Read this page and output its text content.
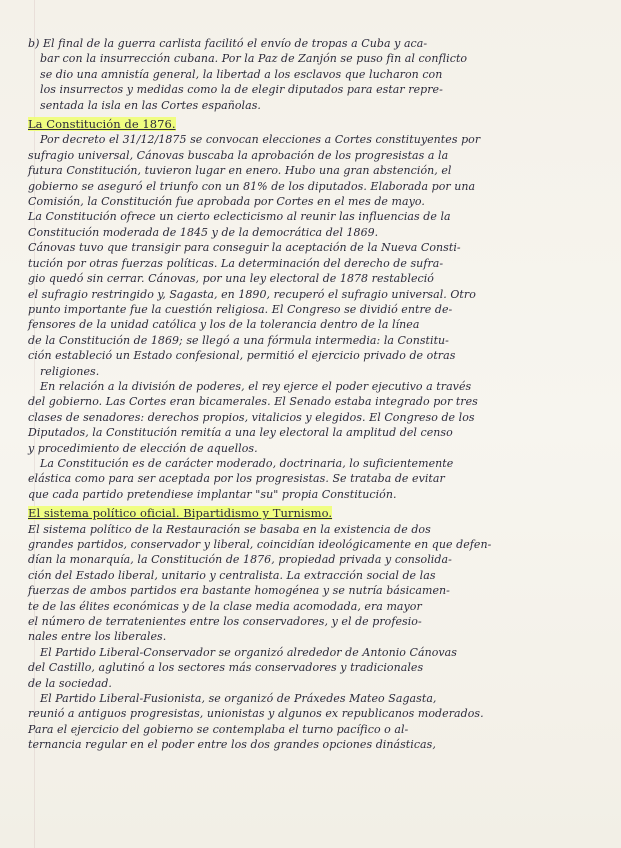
b) El final de la guerra carlista facilitó el envío de tropas a Cuba y aca-
bar con la insurrección cubana. Por la Paz de Zanjón se puso fin al conflicto
se dio una amnistía general, la libertad a los esclavos que lucharon con
los insurrectos y medidas como la de elegir diputados para estar repre-
sentada la isla en las Cortes españolas.
La Constitución de 1876.
Por decreto el 31/12/1875 se convocan elecciones a Cortes constituyentes por
sufragio universal, Cánovas buscaba la aprobación de los progresistas a la
futura Constitución, tuvieron lugar en enero. Hubo una gran abstención, el
gobierno se aseguró el triunfo con un 81% de los diputados. Elaborada por una
Comisión, la Constitución fue aprobada por Cortes en el mes de mayo.
La Constitución ofrece un cierto eclecticismo al reunir las influencias de la
Constitución moderada de 1845 y de la democrática del 1869.
Cánovas tuvo que transigir para conseguir la aceptación de la Nueva Consti-
tución por otras fuerzas políticas. La determinación del derecho de sufra-
gio quedó sin cerrar. Cánovas, por una ley electoral de 1878 restableció
el sufragio restringido y, Sagasta, en 1890, recuperó el sufragio universal. Otro
punto importante fue la cuestión religiosa. El Congreso se dividió entre de-
fensores de la unidad católica y los de la tolerancia dentro de la línea
de la Constitución de 1869; se llegó a una fórmula intermedia: la Constitu-
ción estableció un Estado confesional, permitió el ejercicio privado de otras
religiones.
En relación a la división de poderes, el rey ejerce el poder ejecutivo a través
del gobierno. Las Cortes eran bicamerales. El Senado estaba integrado por tres
clases de senadores: derechos propios, vitalicios y elegidos. El Congreso de los
Diputados, la Constitución remitía a una ley electoral la amplitud del censo
y procedimiento de elección de aquellos.
La Constitución es de carácter moderado, doctrinaria, lo suficientemente
elástica como para ser aceptada por los progresistas. Se trataba de evitar
que cada partido pretendiese implantar "su" propia Constitución.
El sistema político oficial. Bipartidismo y Turnismo.
El sistema político de la Restauración se basaba en la existencia de dos
grandes partidos, conservador y liberal, coincidían ideológicamente en que defen-
dían la monarquía, la Constitución de 1876, propiedad privada y consolida-
ción del Estado liberal, unitario y centralista. La extracción social de las
fuerzas de ambos partidos era bastante homogénea y se nutría básicamen-
te de las élites económicas y de la clase media acomodada, era mayor
el número de terratenientes entre los conservadores, y el de profesio-
nales entre los liberales.
El Partido Liberal-Conservador se organizó alrededor de Antonio Cánovas
del Castillo, aglutinó a los sectores más conservadores y tradicionales
de la sociedad.
El Partido Liberal-Fusionista, se organizó de Práxedes Mateo Sagasta,
reunió a antiguos progresistas, unionistas y algunos ex republicanos moderados.
Para el ejercicio del gobierno se contemplaba el turno pacífico o al-
ternancia regular en el poder entre los dos grandes opciones dinásticas,
